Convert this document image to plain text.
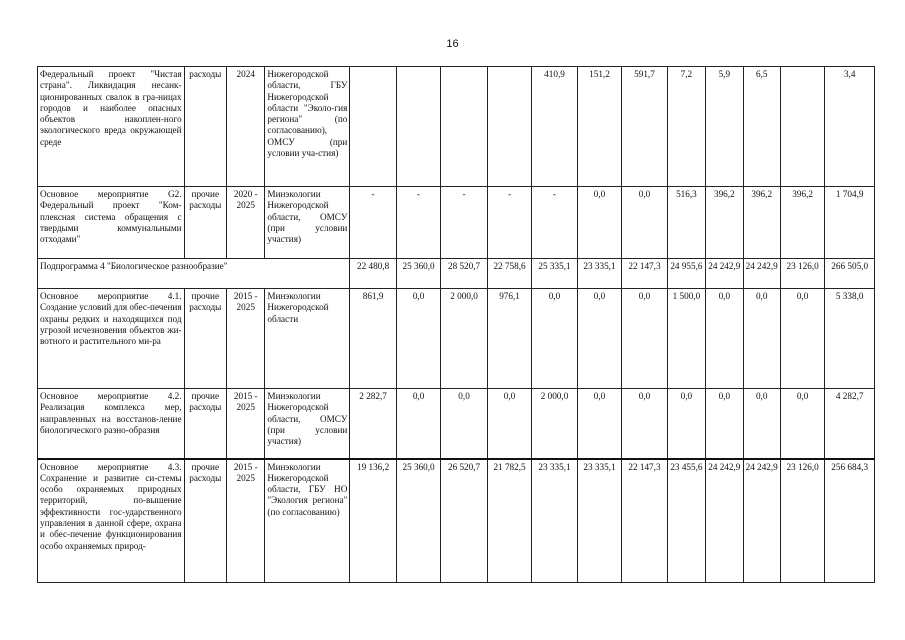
16
Федеральный проект "Чистая страна". Ликвидация несанк-ционированных свалок в гра-ницах городов и наиболее опасных объектов накоплен-ного экологического вреда окружающей среде	расходы	2024	Нижегородской области, ГБУ Нижегородской области "Эколо-гия региона" (по согласованию), ОМСУ (при условии уча-стия)					410,9	151,2	591,7	7,2	5,9	6,5		3,4
Основное мероприятие G2. Федеральный проект "Ком-плексная система обращения с твердыми коммунальными отходами"	прочие расходы	2020 - 2025	Минэкологии Нижегородской области, ОМСУ (при условии участия)	-	-	-	-	-	0,0	0,0	516,3	396,2	396,2	396,2	1 704,9
Подпрограмма 4 "Биологическое разнообразие"				22 480,8	25 360,0	28 520,7	22 758,6	25 335,1	23 335,1	22 147,3	24 955,6	24 242,9	24 242,9	23 126,0	266 505,0
Основное мероприятие 4.1. Создание условий для обес-печения охраны редких и находящихся под угрозой исчезновения объектов жи-вотного и растительного ми-ра	прочие расходы	2015 - 2025	Минэкологии Нижегородской области	861,9	0,0	2 000,0	976,1	0,0	0,0	0,0	1 500,0	0,0	0,0	0,0	5 338,0
Основное мероприятие 4.2. Реализация комплекса мер, направленных на восстанов-ление биологического разно-образия	прочие расходы	2015 - 2025	Минэкологии Нижегородской области, ОМСУ (при условии участия)	2 282,7	0,0	0,0	0,0	2 000,0	0,0	0,0	0,0	0,0	0,0	0,0	4 282,7
Основное мероприятие 4.3. Сохранение и развитие си-стемы особо охраняемых природных территорий, по-вышение эффективности гос-ударственного управления в данной сфере, охрана и обес-печение функционирования особо охраняемых природ-	прочие расходы	2015 - 2025	Минэкологии Нижегородской области, ГБУ НО "Экология региона" (по согласованию)	19 136,2	25 360,0	26 520,7	21 782,5	23 335,1	23 335,1	22 147,3	23 455,6	24 242,9	24 242,9	23 126,0	256 684,3
